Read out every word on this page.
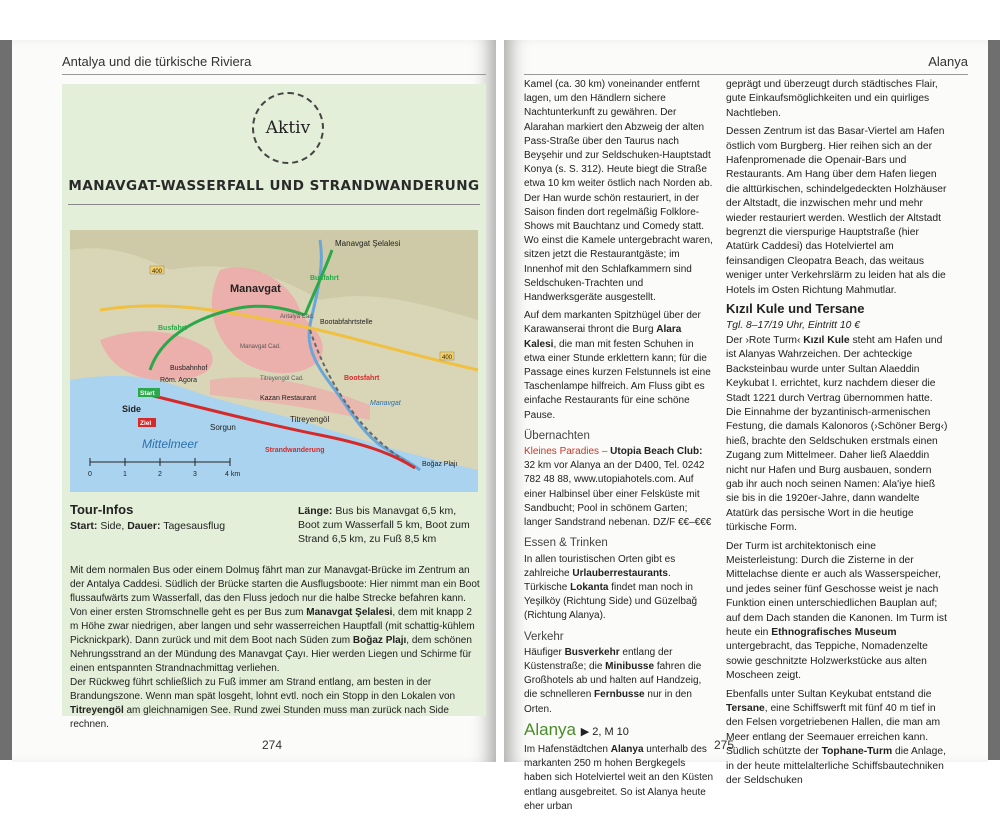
Antalya und die türkische Riviera
Aktiv
MANAVGAT-WASSERFALL UND STRANDWANDERUNG
Manavgat Şelalesi
Manavgat
Side
Busbahnhof
Röm. Agora
Sorgun
Titreyengöl
Kazan Restaurant
Boğaz Plajı
Bootabfahrtstelle
Antalya Cad.
Manavgat Cad.
Titreyengöl Cad.
Busfahrt
Busfahrt
Bootsfahrt
Strandwanderung
Start
Ziel
Mittelmeer
Manavgat
400
400
0	1	2	3	4 km
Tour-Infos
Start: Side, Dauer: Tagesausflug
Länge: Bus bis Manavgat 6,5 km, Boot zum Wasserfall 5 km, Boot zum Strand 6,5 km, zu Fuß 8,5 km
Mit dem normalen Bus oder einem Dolmuş fährt man zur Manavgat-Brücke im Zentrum an der Antalya Caddesi. Südlich der Brücke starten die Ausflugsboote: Hier nimmt man ein Boot flussaufwärts zum Wasserfall, das den Fluss jedoch nur die halbe Strecke befahren kann. Von einer ersten Stromschnelle geht es per Bus zum Manavgat Şelalesi, dem mit knapp 2 m Höhe zwar niedrigen, aber langen und sehr wasserreichen Hauptfall (mit schattig-kühlem Picknickpark). Dann zurück und mit dem Boot nach Süden zum Boğaz Plajı, dem schönen Nehrungsstrand an der Mündung des Manavgat Çayı. Hier werden Liegen und Schirme für einen entspannten Strandnachmittag verliehen.
Der Rückweg führt schließlich zu Fuß immer am Strand entlang, am besten in der Brandungszone. Wenn man spät losgeht, lohnt evtl. noch ein Stopp in den Lokalen von Titreyengöl am gleichnamigen See. Rund zwei Stunden muss man zurück nach Side rechnen.
274
Alanya

Kamel (ca. 30 km) voneinander entfernt lagen, um den Händlern sichere Nachtunterkunft zu gewähren. Der Alarahan markiert den Abzweig der alten Pass-Straße über den Taurus nach Beyşehir und zur Seldschuken-Hauptstadt Konya (s. S. 312). Heute biegt die Straße etwa 10 km weiter östlich nach Norden ab. Der Han wurde schön restauriert, in der Saison finden dort regelmäßig Folklore-Shows mit Bauchtanz und Comedy statt. Wo einst die Kamele untergebracht waren, sitzen jetzt die Restaurantgäste; im Innenhof mit den Schlafkammern sind Seldschuken-Trachten und Handwerksgeräte ausgestellt.

Auf dem markanten Spitzhügel über der Karawanserai thront die Burg Alara Kalesi, die man mit festen Schuhen in etwa einer Stunde erklettern kann; für die Passage eines kurzen Felstunnels ist eine Taschenlampe hilfreich. Am Fluss gibt es einfache Restaurants für eine schöne Pause.

Übernachten

Kleines Paradies – Utopia Beach Club: 32 km vor Alanya an der D400, Tel. 0242 782 48 88, www.utopiahotels.com. Auf einer Halbinsel über einer Felsküste mit Sandbucht; Pool in schönem Garten; langer Sandstrand nebenan. DZ/F €€–€€€

Essen & Trinken

In allen touristischen Orten gibt es zahlreiche Urlauberrestaurants. Türkische Lokanta findet man noch in Yeşilköy (Richtung Side) und Güzelbağ (Richtung Alanya).

Verkehr

Häufiger Busverkehr entlang der Küstenstraße; die Minibusse fahren die Großhotels ab und halten auf Handzeig, die schnelleren Fernbusse nur in den Orten.

Alanya ▶ 2, M 10

Im Hafenstädtchen Alanya unterhalb des markanten 250 m hohen Bergkegels haben sich Hotelviertel weit an den Küsten entlang ausgebreitet. So ist Alanya heute eher urban

geprägt und überzeugt durch städtisches Flair, gute Einkaufsmöglichkeiten und ein quirliges Nachtleben.

Dessen Zentrum ist das Basar-Viertel am Hafen östlich vom Burgberg. Hier reihen sich an der Hafenpromenade die Openair-Bars und Restaurants. Am Hang über dem Hafen liegen die alttürkischen, schindelgedeckten Holzhäuser der Altstadt, die inzwischen mehr und mehr wieder restauriert werden. Westlich der Altstadt begrenzt die vierspurige Hauptstraße (hier Atatürk Caddesi) das Hotelviertel am feinsandigen Cleopatra Beach, das weitaus weniger unter Verkehrslärm zu leiden hat als die Hotels im Osten Richtung Mahmutlar.

Kızıl Kule und Tersane

Tgl. 8–17/19 Uhr, Eintritt 10 €

Der ›Rote Turm‹ Kızıl Kule steht am Hafen und ist Alanyas Wahrzeichen. Der achteckige Backsteinbau wurde unter Sultan Alaeddin Keykubat I. errichtet, kurz nachdem dieser die Stadt 1221 durch Vertrag übernommen hatte. Die Einnahme der byzantinisch-armenischen Festung, die damals Kalonoros (›Schöner Berg‹) hieß, brachte den Seldschuken erstmals einen Zugang zum Mittelmeer. Daher ließ Alaeddin nicht nur Hafen und Burg ausbauen, sondern gab ihr auch noch seinen Namen: Ala'iye hieß sie bis in die 1920er-Jahre, dann wandelte Atatürk das persische Wort in die heutige türkische Form.

Der Turm ist architektonisch eine Meisterleistung: Durch die Zisterne in der Mittelachse diente er auch als Wasserspeicher, und jedes seiner fünf Geschosse weist je nach Funktion einen unterschiedlichen Bauplan auf; auf dem Dach standen die Kanonen. Im Turm ist heute ein Ethnografisches Museum untergebracht, das Teppiche, Nomadenzelte sowie geschnitzte Holzwerkstücke aus alten Moscheen zeigt.

Ebenfalls unter Sultan Keykubat entstand die Tersane, eine Schiffswerft mit fünf 40 m tief in den Felsen vorgetriebenen Hallen, die man am Meer entlang der Seemauer erreichen kann. Südlich schützte der Tophane-Turm die Anlage, in der heute mittelalterliche Schiffsbautechniken der Seldschuken

275
